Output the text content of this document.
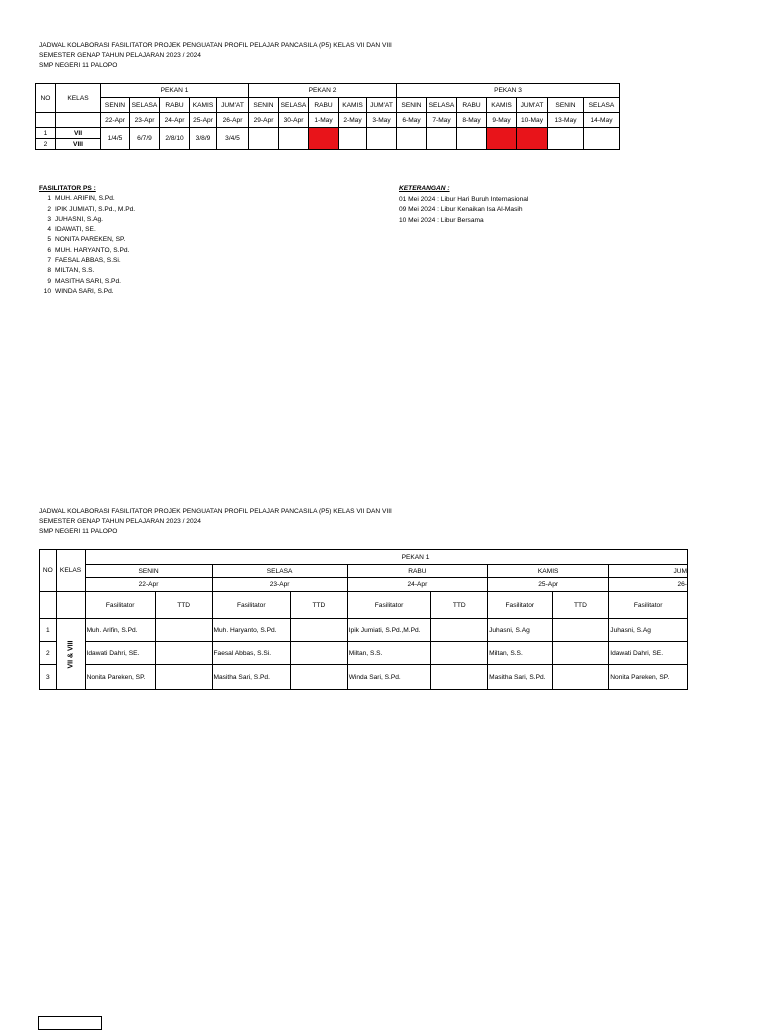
JADWAL KOLABORASI FASILITATOR PROJEK PENGUATAN PROFIL PELAJAR PANCASILA (P5) KELAS VII DAN VIII
SEMESTER GENAP TAHUN PELAJARAN 2023 / 2024
SMP NEGERI 11 PALOPO
NO	KELAS	PEKAN 1					PEKAN 2					PEKAN 3						
		SENIN	SELASA	RABU	KAMIS	JUM'AT	SENIN	SELASA	RABU	KAMIS	JUM'AT	SENIN	SELASA	RABU	KAMIS	JUM'AT	SENIN	SELASA
		22-Apr	23-Apr	24-Apr	25-Apr	26-Apr	29-Apr	30-Apr	1-May	2-May	3-May	6-May	7-May	8-May	9-May	10-May	13-May	14-May
1	VII	1/4/5	6/7/9	2/8/10	3/8/9	3/4/5												
2	VIII																	
FASILITATOR PS :
1 MUH. ARIFIN, S.Pd.
2 IPIK JUMIATI, S.Pd., M.Pd.
3 JUHASNI, S.Ag.
4 IDAWATI, SE.
5 NONITA PAREKEN, SP.
6 MUH. HARYANTO, S.Pd.
7 FAESAL ABBAS, S.Si.
8 MILTAN, S.S.
9 MASITHA SARI, S.Pd.
10 WINDA SARI, S.Pd.
KETERANGAN :
01 Mei 2024 : Libur Hari Buruh Internasional
09 Mei 2024 : Libur Kenaikan Isa Al-Masih
10 Mei 2024 : Libur Bersama
JADWAL KOLABORASI FASILITATOR PROJEK PENGUATAN PROFIL PELAJAR PANCASILA (P5) KELAS VII DAN VIII
SEMESTER GENAP TAHUN PELAJARAN 2023 / 2024
SMP NEGERI 11 PALOPO
NO	KELAS	PEKAN 1								
		SENIN		SELASA		RABU		KAMIS		JUM
		22-Apr		23-Apr		24-Apr		25-Apr		26-
		Fasilitator	TTD	Fasilitator	TTD	Fasilitator	TTD	Fasilitator	TTD	Fasilitator
1	VII & VIII	Muh. Arifin, S.Pd.		Muh. Haryanto, S.Pd.		Ipik Jumiati, S.Pd.,M.Pd.		Juhasni, S.Ag		Juhasni, S.Ag
2		Idawati Dahri, SE.		Faesal Abbas, S.Si.		Miltan, S.S.		Miltan, S.S.		Idawati Dahri, SE.
3		Nonita Pareken, SP.		Masitha Sari, S.Pd.		Winda Sari, S.Pd.		Masitha Sari, S.Pd.		Nonita Pareken, SP.
